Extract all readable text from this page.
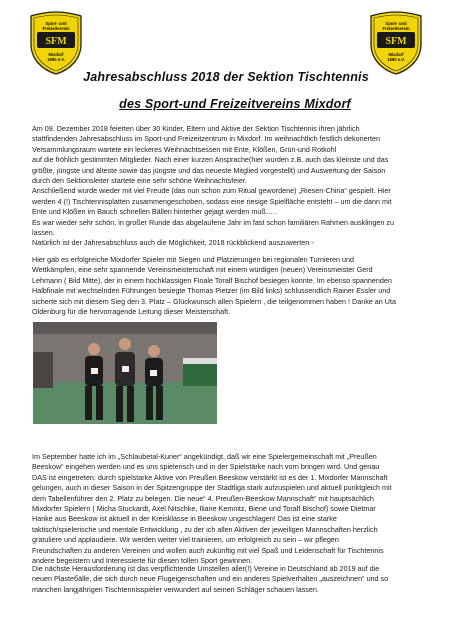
Sport- und
Freizeitverein
SFM
Mixdorf
1990 e.V.
Sport- und
Freizeitverein
SFM
Mixdorf
1990 e.V.
Jahresabschluss 2018 der Sektion Tischtennis
des Sport-und Freizeitvereins Mixdorf
Am 09. Dezember 2018 feierten über 30 Kinder, Eltern und Aktive der Sektion Tischtennis ihren jährlich
stattfindenden Jahresabschluss im Sport-und Freizeitzentrum in Mixdorf. Im weihnachtlich festlich dekorierten
Versammlungsraum wartete ein leckeres Weihnachtsessen mit Ente, Klößen, Grün-und Rotkohl
auf die fröhlich gestimmten Mitglieder. Nach einer kurzen Ansprache(hier wurden z.B. auch das kleinste und das
größte, jüngste und älteste sowie das jüngste und das neueste Mitglied vorgestellt) und Auswertung der Saison
durch den Sektionsleiter startete eine sehr schöne Weihnachtsfeier.
Anschließend wurde wieder mit viel Freude (das nun schon zum Ritual gewordene) „Riesen-China“ gespielt. Hier
werden 4 (!) Tischtennisplatten zusammengeschoben, sodass eine riesige Spielfläche entsteht – um die dann mit
Ente und Klößen im Bauch schnellen Bällen hinterher gejagt werden muß…..
Es war wieder sehr schön, in großer Runde das abgelaufene Jahr im fast schon familiären Rahmen ausklingen zu
lassen.
Natürlich ist der Jahresabschluss auch die Möglichkeit, 2018 rückblickend auszuwerten -
Hier gab es erfolgreiche Mixdorfer Spieler mit Siegen und Platzierungen bei regionalen Turnieren und
Wettkämpfen, eine sehr spannende Vereinsmeisterschaft mit einem würdigen (neuen) Vereinsmeister Gerd
Lehmann ( Bild Mitte), der in einem hochklassigen Finale Toralf Bischof besiegen konnte. Im ebenso spannenden
Halbfinale mit wechselnden Führungen besiegte Thomas Pietzer (im Bild links) schlussendlich Rainer Essler und
sicherte sich mit diesem Sieg den 3. Platz – Glückwunsch allen Spielern , die teilgenommen haben ! Danke an Uta
Oldenburg für die hervorragende Leitung dieser Meisterschaft.
Im September hatte ich im „Schlaubetal-Kurier“ angekündigt, daß wir eine Spielergemeinschaft mit „Preußen
Beeskow“ eingehen werden und es uns spielerisch und in der Spielstärke nach vorn bringen wird. Und genau
DAS ist eingetreten: durch spielstarke Aktive von Preußen Beeskow verstärkt ist es der 1. Mixdorfer Mannschaft
gelungen, auch in dieser Saison in der Spitzengruppe der Stadtliga stark aufzuspielen und aktuell punktgleich mit
dem Tabellenführer den 2. Platz zu belegen. Die neue“ 4. Preußen-Beeskow Mannschaft“ mit hauptsächlich
Mixdorfer Spielern ( Micha Stuckardt, Axel Nitschke, Iliane Kemnitz, Biene und Toralf Bischof) sowie Dietmar
Hanke aus Beeskow ist aktuell in der Kreisklasse in Beeskow ungeschlagen! Das ist eine starke
taktisch/spielerische und mentale Entwicklung , zu der ich allen Aktiven der jeweiligen Mannschaften herzlich
gratuliere und applaudiere. Wir werden weiter viel trainieren, um erfolgreich zu sein – wir pflegen
Freundschaften zu anderen Vereinen und wollen auch zukünftig mit viel Spaß und Leidenschaft für Tischtennis
andere begeistern und Interessierte für diesen tollen Sport gewinnen.
Die nächste Herausforderung ist das verpflichtende Umstellen aller(!) Vereine in Deutschland ab 2019 auf die
neuen Plasteбälle, die sich durch neue Flugeigenschaften und ein anderes Spielverhalten „auszeichnen“ und so
manchen langjährigen Tischtennisspieler verwundert auf seinen Schläger schauen lassen.
